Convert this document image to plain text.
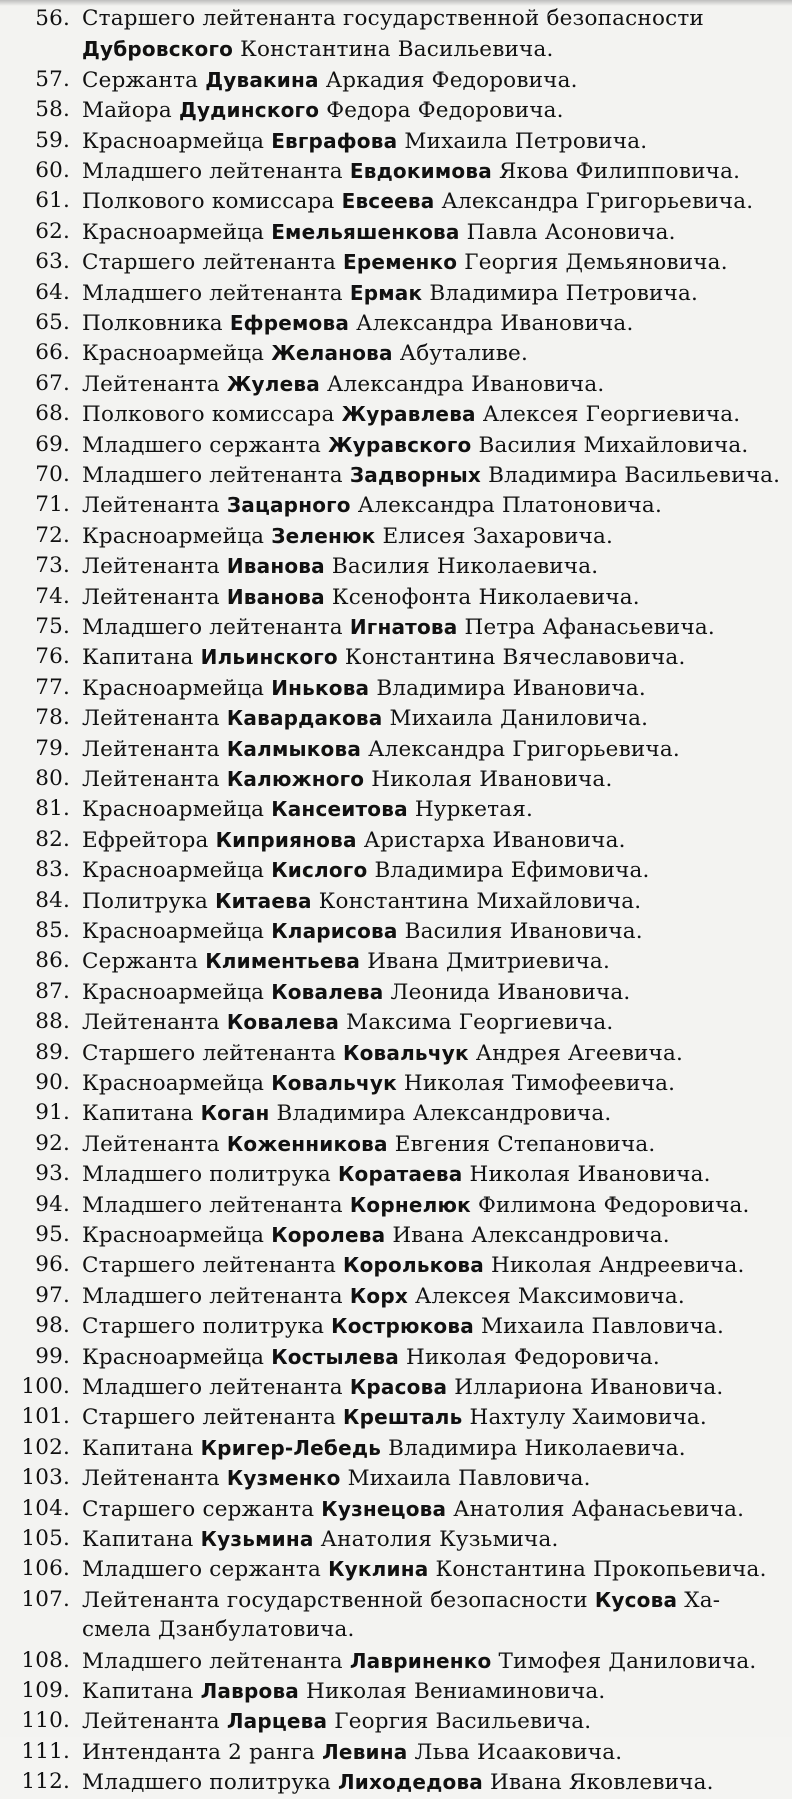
56. Старшего лейтенанта государственной безопасности
Дубровского Константина Васильевича.
57. Сержанта Дувакина Аркадия Федоровича.
58. Майора Дудинского Федора Федоровича.
59. Красноармейца Евграфова Михаила Петровича.
60. Младшего лейтенанта Евдокимова Якова Филипповича.
61. Полкового комиссара Евсеева Александра Григорьевича.
62. Красноармейца Емельяшенкова Павла Асоновича.
63. Старшего лейтенанта Еременко Георгия Демьяновича.
64. Младшего лейтенанта Ермак Владимира Петровича.
65. Полковника Ефремова Александра Ивановича.
66. Красноармейца Желанова Абуталиве.
67. Лейтенанта Жулева Александра Ивановича.
68. Полкового комиссара Журавлева Алексея Георгиевича.
69. Младшего сержанта Журавского Василия Михайловича.
70. Младшего лейтенанта Задворных Владимира Васильевича.
71. Лейтенанта Зацарного Александра Платоновича.
72. Красноармейца Зеленюк Елисея Захаровича.
73. Лейтенанта Иванова Василия Николаевича.
74. Лейтенанта Иванова Ксенофонта Николаевича.
75. Младшего лейтенанта Игнатова Петра Афанасьевича.
76. Капитана Ильинского Константина Вячеславовича.
77. Красноармейца Инькова Владимира Ивановича.
78. Лейтенанта Кавардакова Михаила Даниловича.
79. Лейтенанта Калмыкова Александра Григорьевича.
80. Лейтенанта Калюжного Николая Ивановича.
81. Красноармейца Кансеитова Нуркетая.
82. Ефрейтора Киприянова Аристарха Ивановича.
83. Красноармейца Кислого Владимира Ефимовича.
84. Политрука Китаева Константина Михайловича.
85. Красноармейца Кларисова Василия Ивановича.
86. Сержанта Климентьева Ивана Дмитриевича.
87. Красноармейца Ковалева Леонида Ивановича.
88. Лейтенанта Ковалева Максима Георгиевича.
89. Старшего лейтенанта Ковальчук Андрея Агеевича.
90. Красноармейца Ковальчук Николая Тимофеевича.
91. Капитана Коган Владимира Александровича.
92. Лейтенанта Коженникова Евгения Степановича.
93. Младшего политрука Коратаева Николая Ивановича.
94. Младшего лейтенанта Корнелюк Филимона Федоровича.
95. Красноармейца Королева Ивана Александровича.
96. Старшего лейтенанта Королькова Николая Андреевича.
97. Младшего лейтенанта Корх Алексея Максимовича.
98. Старшего политрука Кострюкова Михаила Павловича.
99. Красноармейца Костылева Николая Федоровича.
100. Младшего лейтенанта Красова Иллариона Ивановича.
101. Старшего лейтенанта Крешталь Нахтулу Хаимовича.
102. Капитана Кригер-Лебедь Владимира Николаевича.
103. Лейтенанта Кузменко Михаила Павловича.
104. Старшего сержанта Кузнецова Анатолия Афанасьевича.
105. Капитана Кузьмина Анатолия Кузьмича.
106. Младшего сержанта Куклина Константина Прокопьевича.
107. Лейтенанта государственной безопасности Кусова Ха-
смела Дзанбулатовича.
108. Младшего лейтенанта Лавриненко Тимофея Даниловича.
109. Капитана Лаврова Николая Вениаминовича.
110. Лейтенанта Ларцева Георгия Васильевича.
111. Интенданта 2 ранга Левина Льва Исааковича.
112. Младшего политрука Лиходедова Ивана Яковлевича.
